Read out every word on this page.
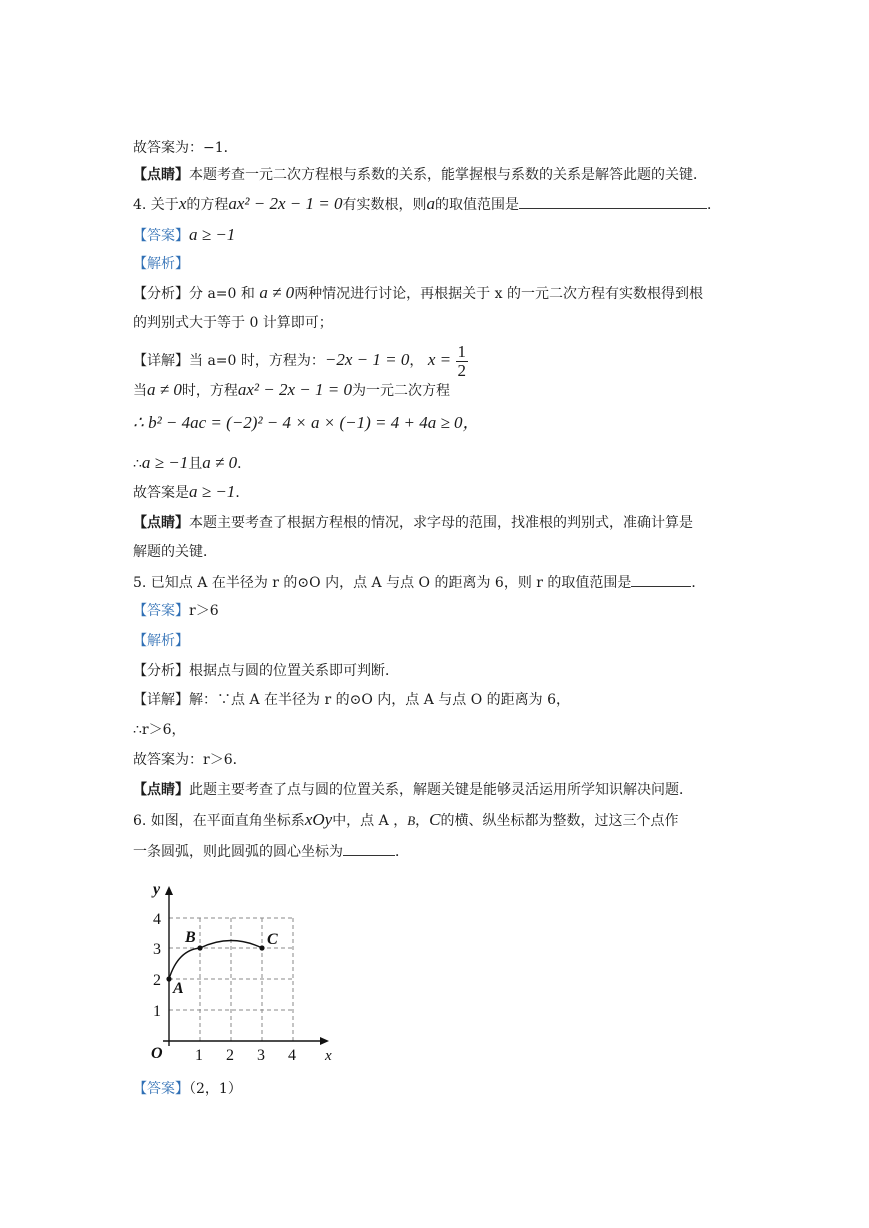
故答案为：−1．
【点睛】本题考查一元二次方程根与系数的关系，能掌握根与系数的关系是解答此题的关键．
4. 关于x的方程ax² − 2x − 1 = 0有实数根，则a的取值范围是	．
【答案】a ≥ −1
【解析】
【分析】分 a=0 和 a ≠ 0两种情况进行讨论，再根据关于 x 的一元二次方程有实数根得到根
的判别式大于等于 0 计算即可；
【详解】当 a=0 时，方程为：−2x − 1 = 0， $x = \frac{1}{2}$
当a ≠ 0时，方程ax² − 2x − 1 = 0为一元二次方程
∴ b² − 4ac = (−2)² − 4 × a × (−1) = 4 + 4a ≥ 0，
∴a ≥ −1且a ≠ 0．
故答案是a ≥ −1．
【点睛】本题主要考查了根据方程根的情况，求字母的范围，找准根的判别式，准确计算是
解题的关键．
5. 已知点 A 在半径为 r 的⊙O 内，点 A 与点 O 的距离为 6，则 r 的取值范围是	．
【答案】r＞6
【解析】
【分析】根据点与圆的位置关系即可判断．
【详解】解：∵点 A 在半径为 r 的⊙O 内，点 A 与点 O 的距离为 6，
∴r＞6，
故答案为：r＞6．
【点睛】此题主要考查了点与圆的位置关系，解题关键是能够灵活运用所学知识解决问题．
6. 如图，在平面直角坐标系xOy中，点 A ，B，C的横、纵坐标都为整数，过这三个点作
一条圆弧，则此圆弧的圆心坐标为	．
y
x
O 1 2 3 4
1
2
3
4
A
B	C
【答案】（2，1）
